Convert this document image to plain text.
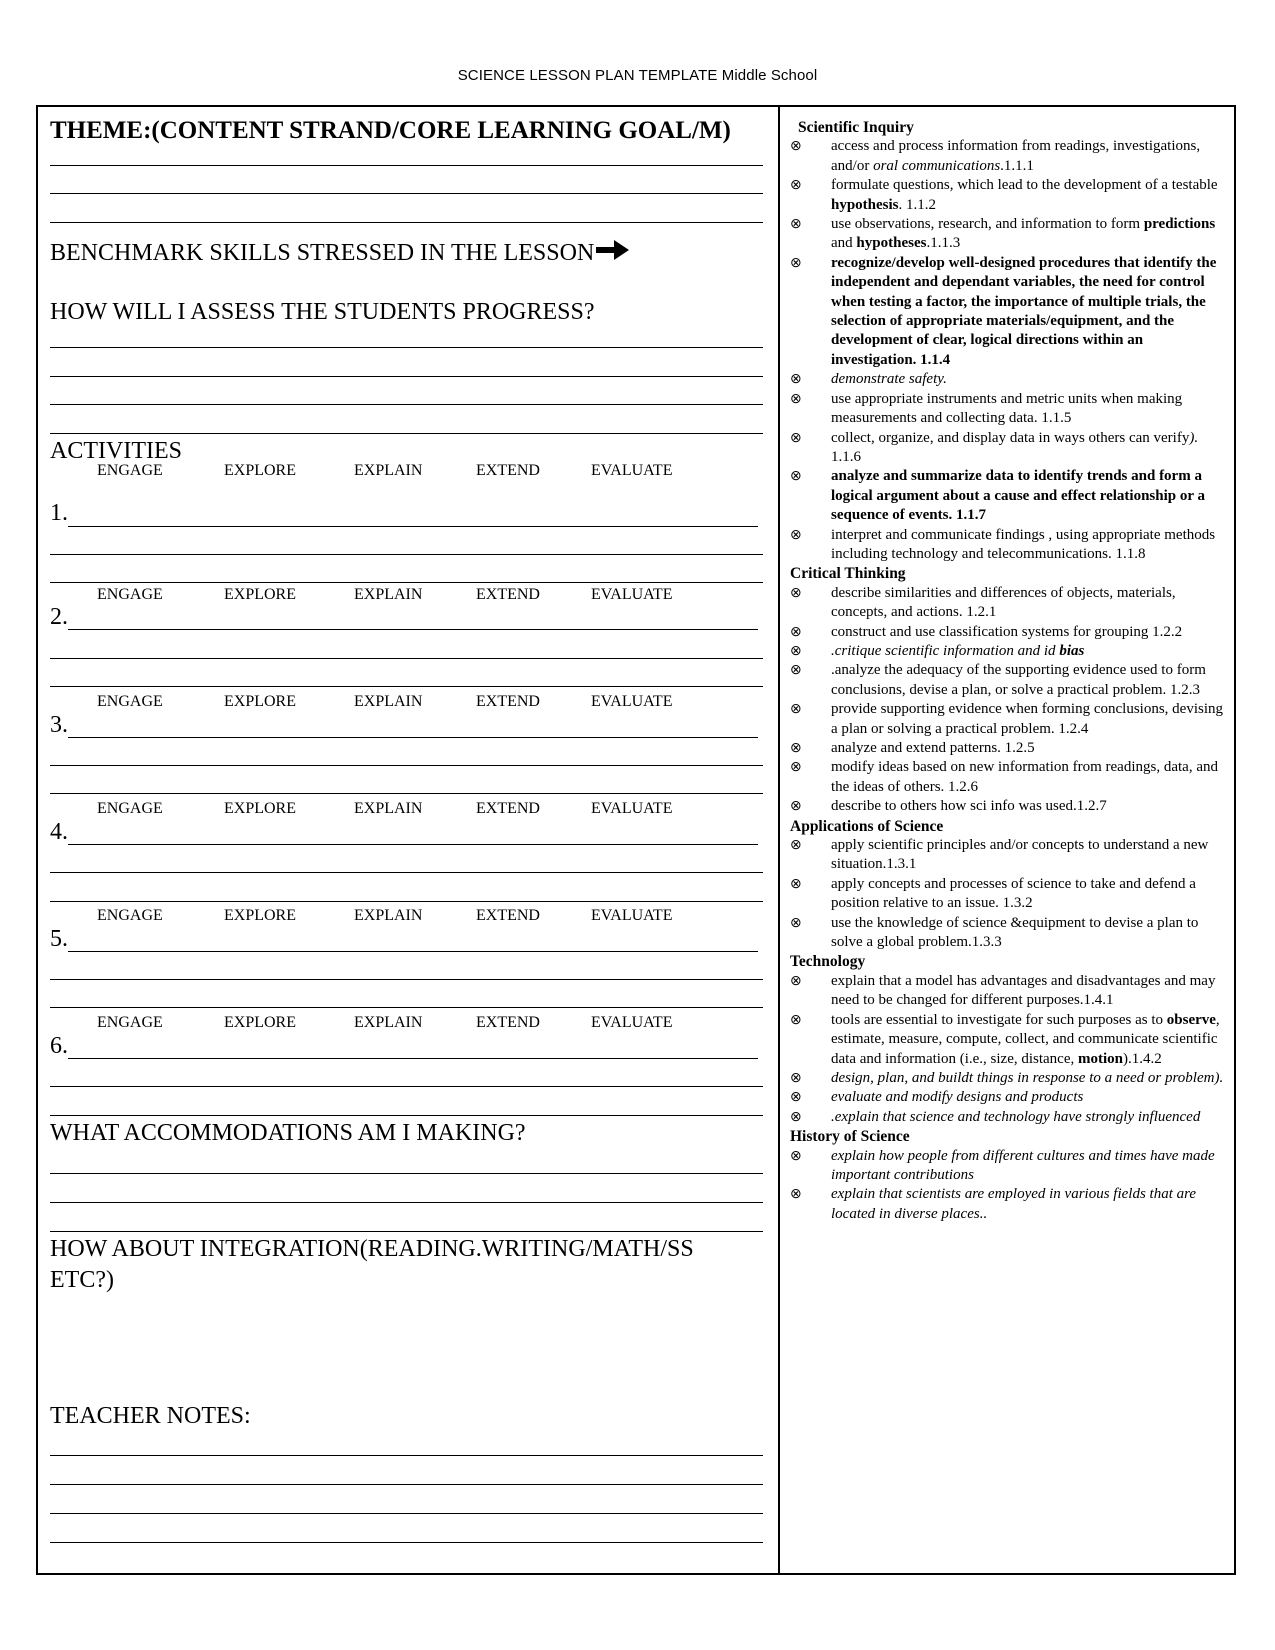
SCIENCE LESSON PLAN TEMPLATE Middle School
THEME:(CONTENT STRAND/CORE LEARNING GOAL/M)
BENCHMARK SKILLS STRESSED IN THE LESSON
HOW WILL I ASSESS THE STUDENTS PROGRESS?
ACTIVITIES
ENGAGE	EXPLORE	EXPLAIN	EXTEND	EVALUATE
1.
ENGAGE	EXPLORE	EXPLAIN	EXTEND	EVALUATE
2.
ENGAGE	EXPLORE	EXPLAIN	EXTEND	EVALUATE
3.
ENGAGE	EXPLORE	EXPLAIN	EXTEND	EVALUATE
4.
ENGAGE	EXPLORE	EXPLAIN	EXTEND	EVALUATE
5.
ENGAGE	EXPLORE	EXPLAIN	EXTEND	EVALUATE
6.
WHAT ACCOMMODATIONS AM I MAKING?
HOW ABOUT INTEGRATION(READING.WRITING/MATH/SS
ETC?)
TEACHER NOTES:
Scientific Inquiry
⊗ access and process information from readings, investigations, and/or oral communications.1.1.1
⊗ formulate questions, which lead to the development of a testable hypothesis. 1.1.2
⊗ use observations, research, and information to form predictions and hypotheses.1.1.3
⊗ recognize/develop well-designed procedures that identify the independent and dependant variables, the need for control when testing a factor, the importance of multiple trials, the selection of appropriate materials/equipment, and the development of clear, logical directions within an investigation. 1.1.4
⊗ demonstrate safety.
⊗ use appropriate instruments and metric units when making measurements and collecting data. 1.1.5
⊗ collect, organize, and display data in ways others can verify). 1.1.6
⊗ analyze and summarize data to identify trends and form a logical argument about a cause and effect relationship or a sequence of events. 1.1.7
⊗ interpret and communicate findings , using appropriate methods including technology and telecommunications. 1.1.8
Critical Thinking
⊗ describe similarities and differences of objects, materials, concepts, and actions. 1.2.1
⊗ construct and use classification systems for grouping 1.2.2
⊗ .critique scientific information and id bias
⊗ .analyze the adequacy of the supporting evidence used to form conclusions, devise a plan, or solve a practical problem. 1.2.3
⊗ provide supporting evidence when forming conclusions, devising a plan or solving a practical problem. 1.2.4
⊗ analyze and extend patterns. 1.2.5
⊗ modify ideas based on new information from readings, data, and the ideas of others. 1.2.6
⊗ describe to others how sci info was used.1.2.7
Applications of Science
⊗ apply scientific principles and/or concepts to understand a new situation.1.3.1
⊗ apply concepts and processes of science to take and defend a position relative to an issue. 1.3.2
⊗ use the knowledge of science &equipment to devise a plan to solve a global problem.1.3.3
Technology
⊗ explain that a model has advantages and disadvantages and may need to be changed for different purposes.1.4.1
⊗ tools are essential to investigate for such purposes as to observe, estimate, measure, compute, collect, and communicate scientific data and information (i.e., size, distance, motion).1.4.2
⊗ design, plan, and buildt things in response to a need or problem).
⊗ evaluate and modify designs and products
⊗ .explain that science and technology have strongly influenced
History of Science
⊗ explain how people from different cultures and times have made important contributions
⊗ explain that scientists are employed in various fields that are located in diverse places..
